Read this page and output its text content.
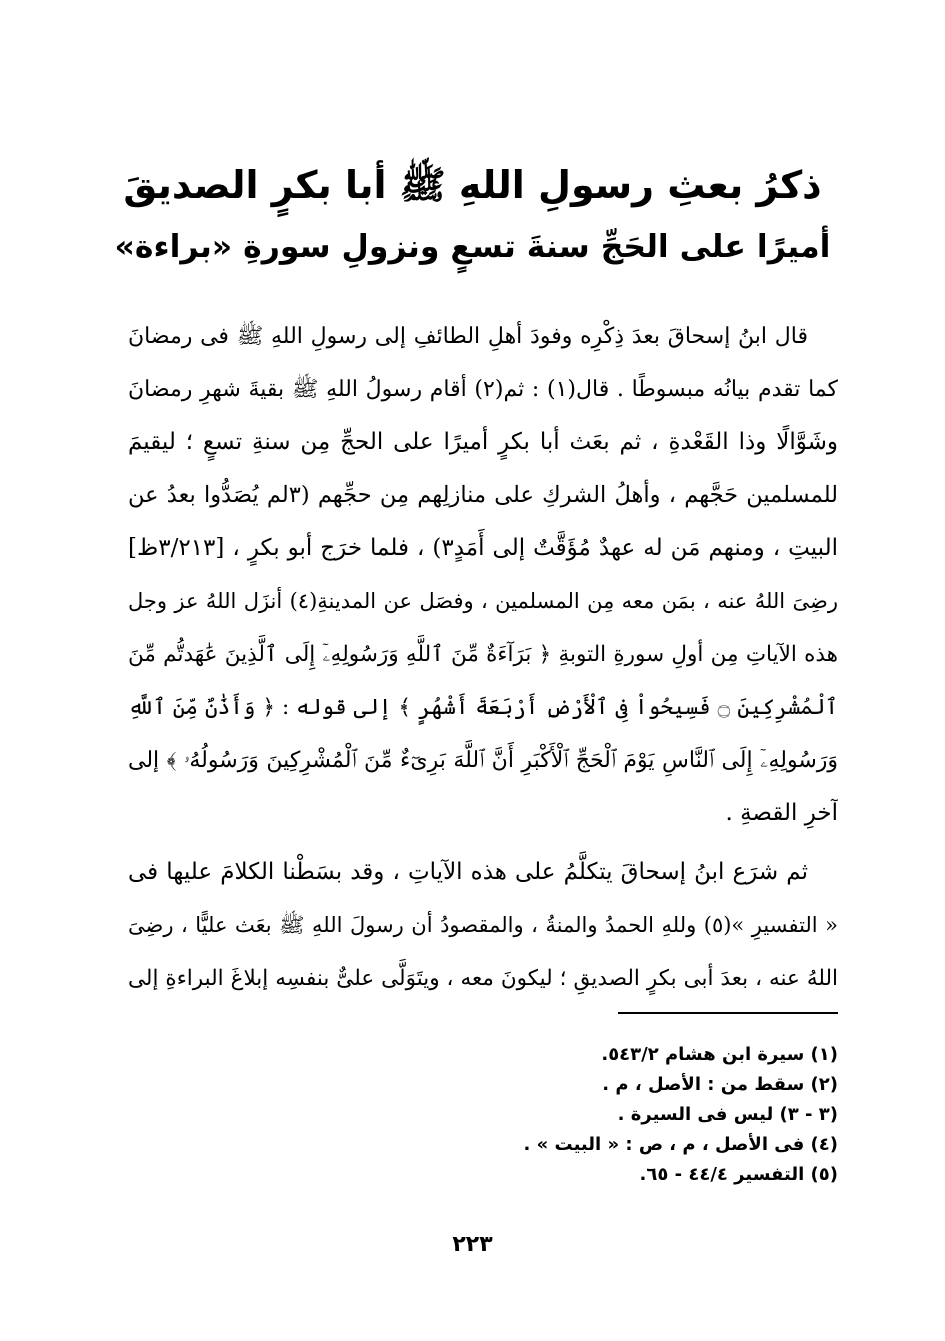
ذكرُ بعثِ رسولِ اللهِ ﷺ أبا بكرٍ الصديقَ
أميرًا على الحَجِّ سنةَ تسعٍ ونزولِ سورةِ «براءة»
قال ابنُ إسحاقَ بعدَ ذِكْرِه وفودَ أهلِ الطائفِ إلى رسولِ اللهِ ﷺ فى رمضانَ
كما تقدم بيانُه مبسوطًا . قال(١) : ثم(٢) أقام رسولُ اللهِ ﷺ بقيةَ شهرِ رمضانَ
وشَوَّالًا وذا القَعْدةِ ، ثم بعَث أبا بكرٍ أميرًا على الحجِّ مِن سنةِ تسعٍ ؛ ليقيمَ
للمسلمين حَجَّهم ، وأهلُ الشركِ على منازلِهم مِن حجِّهم (٣لم يُصَدُّوا بعدُ عن
البيتِ ، ومنهم مَن له عهدٌ مُؤَقَّتٌ إلى أَمَدٍ٣) ، فلما خرَج أبو بكرٍ ، [٣/٢١٣ظ]
رضِىَ اللهُ عنه ، بمَن معه مِن المسلمين ، وفصَل عن المدينةِ(٤) أنزَل اللهُ عز وجل
هذه الآياتِ مِن أولِ سورةِ التوبةِ ﴿ بَرَآءَةٌ مِّنَ ٱللَّهِ وَرَسُولِهِۦٓ إِلَى ٱلَّذِينَ عَٰهَدتُّم مِّنَ
ٱلْمُشْرِكِينَ ۝ فَسِيحُواْ فِى ٱلْأَرْضِ أَرْبَعَةَ أَشْهُرٍ ﴾ إلى قوله : ﴿ وَأَذَٰنٌ مِّنَ ٱللَّهِ
وَرَسُولِهِۦٓ إِلَى ٱلنَّاسِ يَوْمَ ٱلْحَجِّ ٱلْأَكْبَرِ أَنَّ ٱللَّهَ بَرِىٓءٌ مِّنَ ٱلْمُشْرِكِينَ وَرَسُولُهُۥ ﴾ إلى
آخرِ القصةِ .
ثم شرَع ابنُ إسحاقَ يتكلَّمُ على هذه الآياتِ ، وقد بسَطْنا الكلامَ عليها فى
« التفسيرِ »(٥) وللهِ الحمدُ والمنةُ ، والمقصودُ أن رسولَ اللهِ ﷺ بعَث عليًّا ، رضِىَ
اللهُ عنه ، بعدَ أبى بكرٍ الصديقِ ؛ ليكونَ معه ، ويتَوَلَّى علىٌّ بنفسِه إبلاغَ البراءةِ إلى
(١) سيرة ابن هشام ٥٤٣/٢.
(٢) سقط من : الأصل ، م .
(٣ - ٣) ليس فى السيرة .
(٤) فى الأصل ، م ، ص : « البيت » .
(٥) التفسير ٤٤/٤ - ٦٥.
٢٢٣
